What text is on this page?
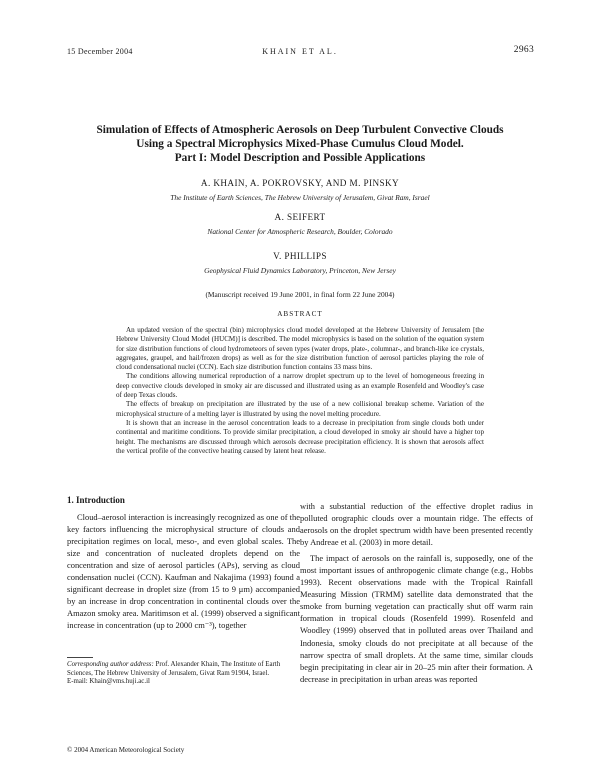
15 December 2004	KHAIN ET AL.	2963
Simulation of Effects of Atmospheric Aerosols on Deep Turbulent Convective Clouds
Using a Spectral Microphysics Mixed-Phase Cumulus Cloud Model.
Part I: Model Description and Possible Applications
A. KHAIN, A. POKROVSKY, AND M. PINSKY
The Institute of Earth Sciences, The Hebrew University of Jerusalem, Givat Ram, Israel
A. SEIFERT
National Center for Atmospheric Research, Boulder, Colorado
V. PHILLIPS
Geophysical Fluid Dynamics Laboratory, Princeton, New Jersey
(Manuscript received 19 June 2001, in final form 22 June 2004)
ABSTRACT

An updated version of the spectral (bin) microphysics cloud model developed at the Hebrew University of Jerusalem [the Hebrew University Cloud Model (HUCM)] is described. The model microphysics is based on the solution of the equation system for size distribution functions of cloud hydrometeors of seven types (water drops, plate-, columnar-, and branch-like ice crystals, aggregates, graupel, and hail/frozen drops) as well as for the size distribution function of aerosol particles playing the role of cloud condensational nuclei (CCN). Each size distribution function contains 33 mass bins.

The conditions allowing numerical reproduction of a narrow droplet spectrum up to the level of homogeneous freezing in deep convective clouds developed in smoky air are discussed and illustrated using as an example Rosenfeld and Woodley's case of deep Texas clouds.

The effects of breakup on precipitation are illustrated by the use of a new collisional breakup scheme. Variation of the microphysical structure of a melting layer is illustrated by using the novel melting procedure.

It is shown that an increase in the aerosol concentration leads to a decrease in precipitation from single clouds both under continental and maritime conditions. To provide similar precipitation, a cloud developed in smoky air should have a higher top height. The mechanisms are discussed through which aerosols decrease precipitation efficiency. It is shown that aerosols affect the vertical profile of the convective heating caused by latent heat release.

1. Introduction

Cloud–aerosol interaction is increasingly recognized as one of the key factors influencing the microphysical structure of clouds and precipitation regimes on local, meso-, and even global scales. The size and concentration of nucleated droplets depend on the concentration and size of aerosol particles (APs), serving as cloud condensation nuclei (CCN). Kaufman and Nakajima (1993) found a significant decrease in droplet size (from 15 to 9 μm) accompanied by an increase in drop concentration in continental clouds over the Amazon smoky area. Maritimson et al. (1999) observed a significant increase in concentration (up to 2000 cm⁻³), together

with a substantial reduction of the effective droplet radius in polluted orographic clouds over a mountain ridge. The effects of aerosols on the droplet spectrum width have been presented recently by Andreae et al. (2003) in more detail.

The impact of aerosols on the rainfall is, supposedly, one of the most important issues of anthropogenic climate change (e.g., Hobbs 1993). Recent observations made with the Tropical Rainfall Measuring Mission (TRMM) satellite data demonstrated that the smoke from burning vegetation can practically shut off warm rain formation in tropical clouds (Rosenfeld 1999). Rosenfeld and Woodley (1999) observed that in polluted areas over Thailand and Indonesia, smoky clouds do not precipitate at all because of the narrow spectra of small droplets. At the same time, similar clouds begin precipitating in clear air in 20–25 min after their formation. A decrease in precipitation in urban areas was reported

Corresponding author address: Prof. Alexander Khain, The Institute of Earth Sciences, The Hebrew University of Jerusalem, Givat Ram 91904, Israel.
E-mail: Khain@vms.huji.ac.il
© 2004 American Meteorological Society
